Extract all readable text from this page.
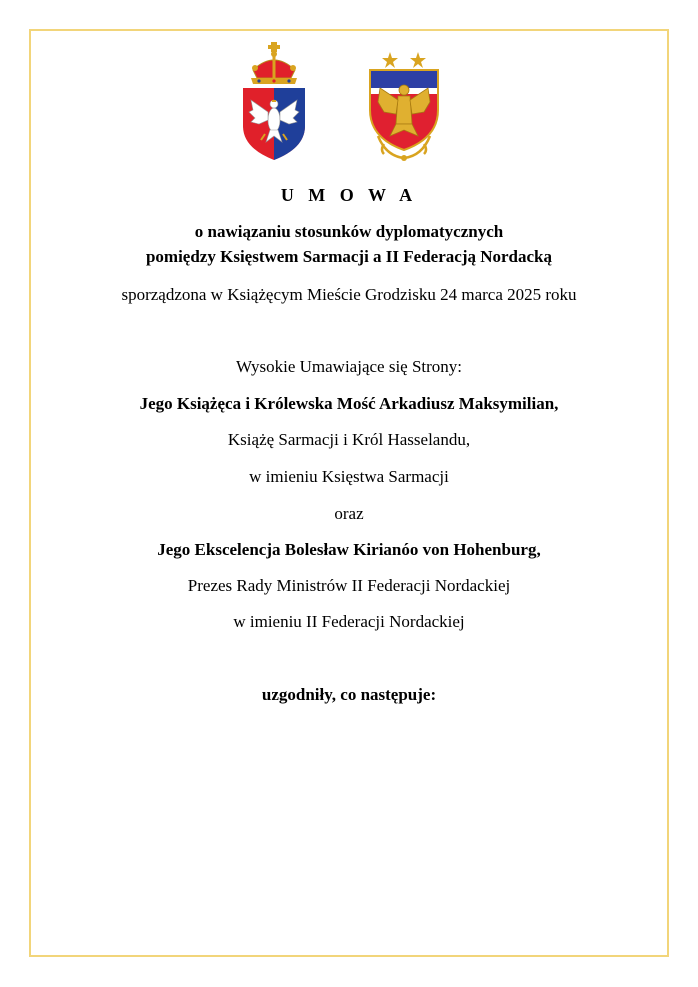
U M O W A
o nawiązaniu stosunków dyplomatycznych
pomiędzy Księstwem Sarmacji a II Federacją Nordacką
sporządzona w Książęcym Mieście Grodzisku 24 marca 2025 roku
Wysokie Umawiające się Strony:
Jego Książęca i Królewska Mość Arkadiusz Maksymilian,
Książę Sarmacji i Król Hasselandu,
w imieniu Księstwa Sarmacji
oraz
Jego Ekscelencja Bolesław Kirianóo von Hohenburg,
Prezes Rady Ministrów II Federacji Nordackiej
w imieniu II Federacji Nordackiej
uzgodniły, co następuje:
